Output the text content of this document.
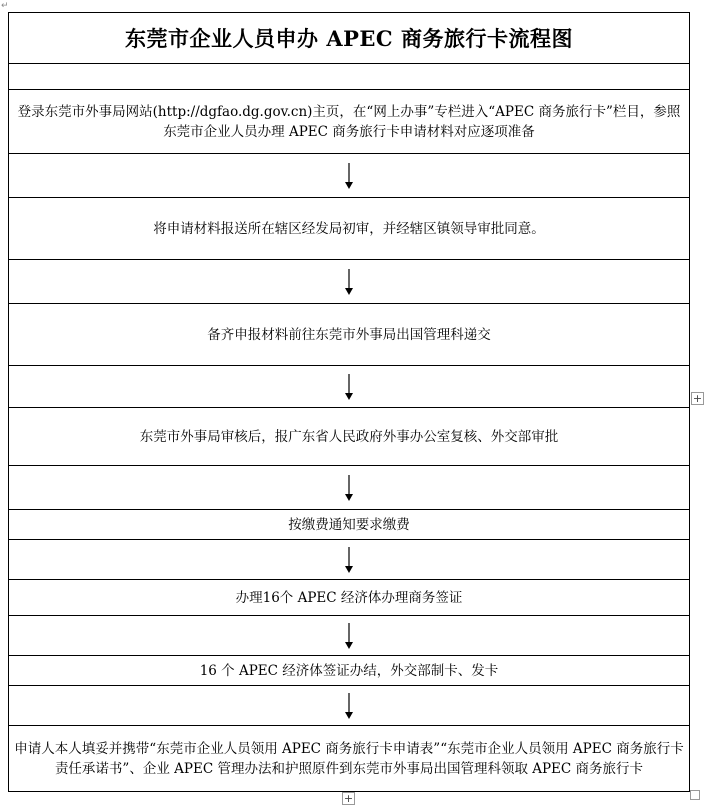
↵
东莞市企业人员申办 APEC 商务旅行卡流程图
登录东莞市外事局网站(http://dgfao.dg.gov.cn)主页，在“网上办事”专栏进入“APEC 商务旅行卡”栏目，参照东莞市企业人员办理 APEC 商务旅行卡申请材料对应逐项准备
将申请材料报送所在辖区经发局初审，并经辖区镇领导审批同意。
备齐申报材料前往东莞市外事局出国管理科递交
东莞市外事局审核后，报广东省人民政府外事办公室复核、外交部审批
按缴费通知要求缴费
办理16个 APEC 经济体办理商务签证
16 个 APEC 经济体签证办结，外交部制卡、发卡
申请人本人填妥并携带“东莞市企业人员领用 APEC 商务旅行卡申请表”“东莞市企业人员领用 APEC 商务旅行卡责任承诺书”、企业 APEC 管理办法和护照原件到东莞市外事局出国管理科领取 APEC 商务旅行卡
+
+
